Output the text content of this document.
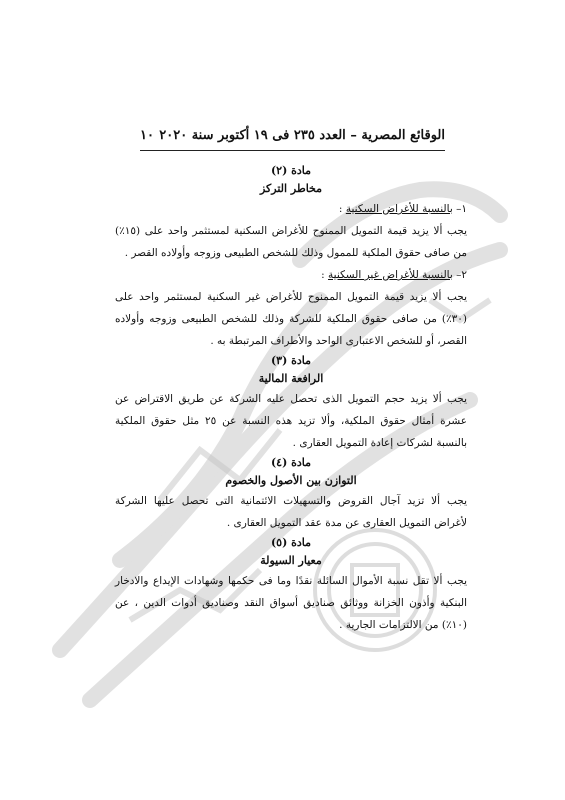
الوقائع المصرية – العدد ٢٣٥ فى ١٩ أكتوبر سنة ٢٠٢٠
١٠
مادة (٢)
مخاطر التركز
١– بالنسبة للأغراض السكنية :

يجب ألا يزيد قيمة التمويل الممنوح للأغراض السكنية لمستثمر واحد على (١٥٪) من صافى حقوق الملكية للممول وذلك للشخص الطبيعى وزوجه وأولاده القصر .

٢– بالنسبة للأغراض غير السكنية :

يجب ألا يزيد قيمة التمويل الممنوح للأغراض غير السكنية لمستثمر واحد على (٣٠٪) من صافى حقوق الملكية للشركة وذلك للشخص الطبيعى وزوجه وأولاده القصر، أو للشخص الاعتبارى الواحد والأطراف المرتبطة به .

مادة (٣)
الرافعة المالية

يجب ألا يزيد حجم التمويل الذى تحصل عليه الشركة عن طريق الاقتراض عن عشرة أمثال حقوق الملكية، وألا تزيد هذه النسبة عن ٢٥ مثل حقوق الملكية بالنسبة لشركات إعادة التمويل العقارى .

مادة (٤)
التوازن بين الأصول والخصوم

يجب ألا تزيد آجال القروض والتسهيلات الائتمانية التى تحصل عليها الشركة لأغراض التمويل العقارى عن مدة عقد التمويل العقارى .

مادة (٥)
معيار السيولة

يجب ألا تقل نسبة الأموال السائلة نقدًا وما فى حكمها وشهادات الإيداع والادخار البنكية وأذون الخزانة ووثائق صناديق أسواق النقد وصناديق أدوات الدين ، عن (١٠٪) من الالتزامات الجارية .
